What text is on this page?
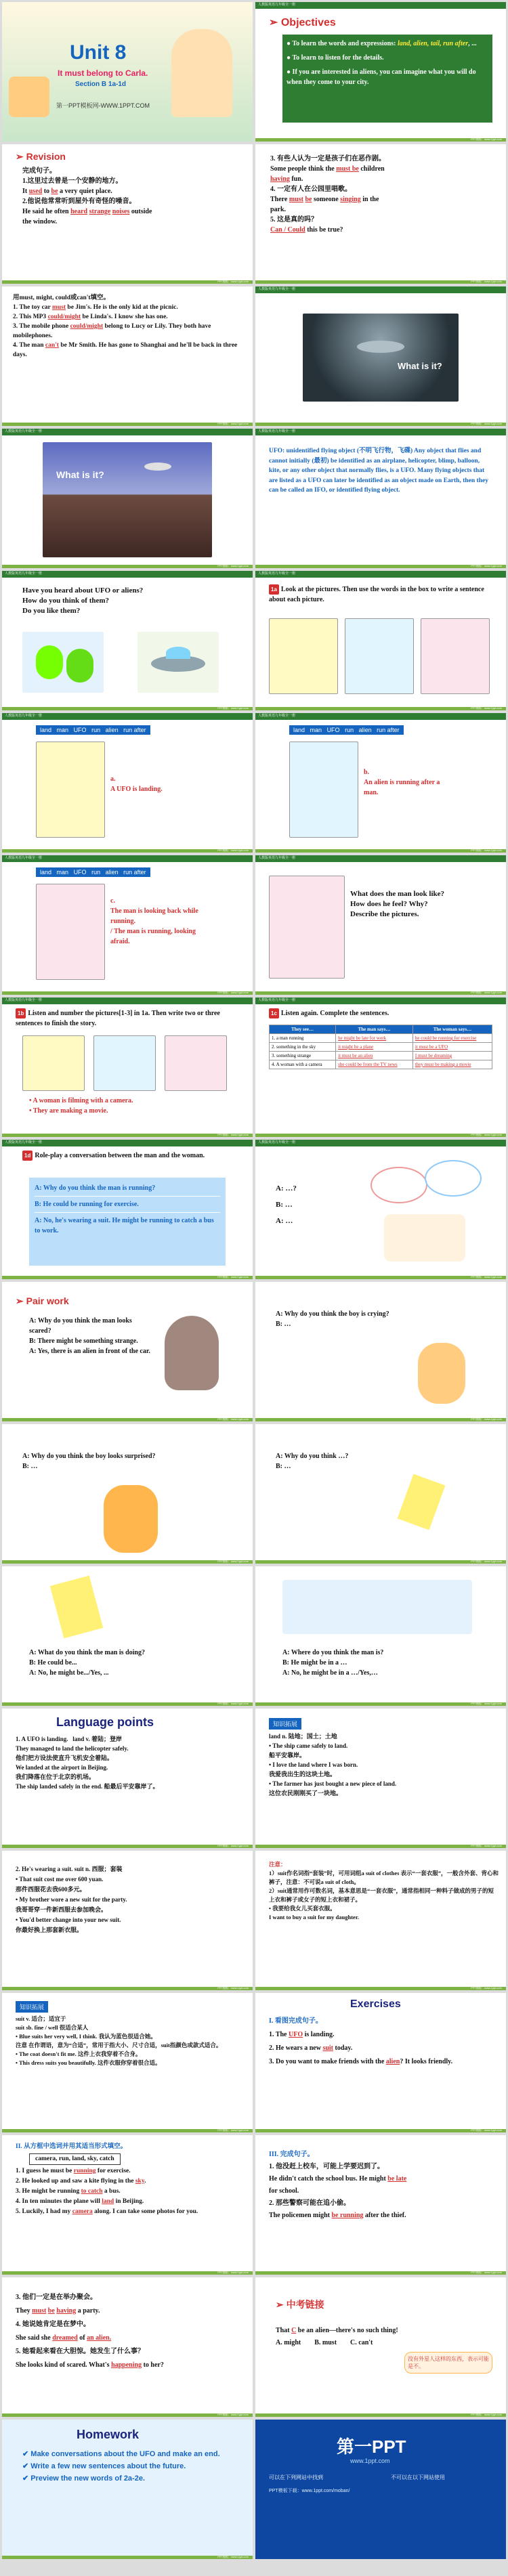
Unit 8
It must belong to Carla.
Section B 1a-1d
第一PPT模板网-WWW.1PPT.COM
人教版英语九年级全一册
➢ Objectives
● To learn the words and expressions: land, alien, tail, run after, ...
● To learn to listen for the details.
● If you are interested in aliens, you can imagine what you will do when they come to your city.
PPT模板：www.1ppt.com
➢ Revision
完成句子。
1.这里过去曾是一个安静的地方。
It used to be a very quiet place.
2.他说他常常听到屋外有奇怪的噪音。
He said he often heard strange noises outside
the window.
PPT模板：www.1ppt.com
3. 有些人认为一定是孩子们在恶作剧。
Some people think the must be children
having fun.
4. 一定有人在公园里唱歌。
There must be someone singing in the
park.
5. 这是真的吗？
Can / Could this be true?
PPT模板：www.1ppt.com
用must, might, could或can't填空。
1. The toy car must be Jim's. He is the only kid at the picnic.
2. This MP3 could/might be Linda's. I know she has one.
3. The mobile phone could/might belong to Lucy or Lily. They both have mobilephones.
4. The man can't be Mr Smith. He has gone to Shanghai and he'll be back in three days.
PPT模板：www.1ppt.com
人教版英语九年级全一册
What is it?
PPT模板：www.1ppt.com
人教版英语九年级全一册
What is it?
PPT模板：www.1ppt.com
人教版英语九年级全一册
UFO: unidentified flying object (不明飞行物，飞碟) Any object that flies and cannot initially (最初) be identified as an airplane, helicopter, blimp, balloon, kite, or any other object that normally flies, is a UFO. Many flying objects that are listed as a UFO can later be identified as an object made on Earth, then they can be called an IFO, or identified flying object.
PPT模板：www.1ppt.com
人教版英语九年级全一册
Have you heard about UFO or aliens?
How do you think of them?
Do you like them?
PPT模板：www.1ppt.com
人教版英语九年级全一册
1a Look at the pictures. Then use the words in the box to write a sentence about each picture.
PPT模板：www.1ppt.com
人教版英语九年级全一册
land man UFO run alien run after
a.
A UFO is landing.
PPT模板：www.1ppt.com
人教版英语九年级全一册
land man UFO run alien run after
b.
An alien is running after a man.
PPT模板：www.1ppt.com
人教版英语九年级全一册
land man UFO run alien run after
c.
The man is looking back while running.
/ The man is running, looking afraid.
PPT模板：www.1ppt.com
人教版英语九年级全一册
What does the man look like?
How does he feel? Why?
Describe the pictures.
PPT模板：www.1ppt.com
人教版英语九年级全一册
1b Listen and number the pictures[1-3] in 1a. Then write two or three sentences to finish the story.
• A woman is filming with a camera.
• They are making a movie.
PPT模板：www.1ppt.com
人教版英语九年级全一册
1c Listen again. Complete the sentences.
They see…	The man says…	The woman says…
1. a man running	he might be late for work	he could be running for exercise
2. something in the sky	it might be a plane	it must be a UFO
3. something strange	it must be an alien	I must be dreaming
4. A woman with a camera	she could be from the TV news	they must be making a movie
PPT模板：www.1ppt.com
人教版英语九年级全一册
1d Role-play a conversation between the man and the woman.
A: Why do you think the man is running?
B: He could be running for exercise.
A: No, he's wearing a suit. He might be running to catch a bus to work.
PPT模板：www.1ppt.com
人教版英语九年级全一册
A: …?
B: …
A: …
PPT模板：www.1ppt.com
➢ Pair work
A: Why do you think the man looks scared?
B: There might be something strange.
A: Yes, there is an alien in front of the car.
PPT模板：www.1ppt.com
A: Why do you think the boy is crying?
B: …
PPT模板：www.1ppt.com
A: Why do you think the boy looks surprised?
B: …
PPT模板：www.1ppt.com
A: Why do you think …?
B: …
PPT模板：www.1ppt.com
A: What do you think the man is doing?
B: He could be...
A: No, he might be.../Yes, ...
PPT模板：www.1ppt.com
A: Where do you think the man is?
B: He might be in a …
A: No, he might be in a …/Yes,…
PPT模板：www.1ppt.com
Language points
1. A UFO is landing. land v. 着陆；登岸
They managed to land the helicopter safely.
他们把方设法使直升飞机安全着陆。
We landed at the airport in Beijing.
我们降落在位于北京的机场。
The ship landed safely in the end. 船最后平安靠岸了。
PPT模板：www.1ppt.com
知识拓展
land n. 陆地；国土；土地
• The ship came safely to land.
船平安靠岸。
• I love the land where I was born.
我爱我出生的这块土地。
• The farmer has just bought a new piece of land.
这位农民刚刚买了一块地。
PPT模板：www.1ppt.com
2. He's wearing a suit. suit n. 西服；套装
• That suit cost me over 600 yuan.
那件西服花去我600多元。
• My brother wore a new suit for the party.
我哥哥穿一件新西服去参加晚会。
• You'd better change into your new suit.
你最好换上那套新衣服。
PPT模板：www.1ppt.com
注意：
1）suit作名词指“套装”时，可用词组a suit of clothes 表示“一套衣服”，一般含外套、背心和裤子，注意：不可说a suit of cloth。
2）suit通常用作可数名词，基本意思是“一套衣服”，通常指相同一种料子做成的男子的短上衣和裤子或女子的短上衣和裙子。
• 我要给我女儿买套衣服。
I want to buy a suit for my daughter.
PPT模板：www.1ppt.com
知识拓展
suit v. 适合；适宜于
suit sb. fine / well 很适合某人
• Blue suits her very well, I think. 我认为蓝色很适合她。
注意 在作谓语，意为“合适”，常用于指大小、尺寸合适，suit指颜色或款式适合。
• The coat doesn't fit me. 这件上衣我穿着不合身。
• This dress suits you beautifully. 这件衣服你穿着很合适。
PPT模板：www.1ppt.com
Exercises
I. 看图完成句子。
1. The UFO is landing.
2. He wears a new suit today.
3. Do you want to make friends with the alien? It looks friendly.
PPT模板：www.1ppt.com
II. 从方框中选词并用其适当形式填空。
camera, run, land, sky, catch
1. I guess he must be running for exercise.
2. He looked up and saw a kite flying in the sky.
3. He might be running to catch a bus.
4. In ten minutes the plane will land in Beijing.
5. Luckily, I had my camera along. I can take some photos for you.
PPT模板：www.1ppt.com
III. 完成句子。
1. 他没赶上校车，可能上学要迟到了。
He didn't catch the school bus. He might be late
for school.
2. 那些警察可能在追小偷。
The policemen might be running after the thief.
PPT模板：www.1ppt.com
3. 他们一定是在举办聚会。
They must be having a party.
4. 她说她肯定是在梦中。
She said she dreamed of an alien.
5. 她看起来看在大胆惊。她发生了什么事？
She looks kind of scared. What's happening to her?
PPT模板：www.1ppt.com
➢ 中考链接
That C be an alien—there's no such thing!
A. might B. must C. can't
没有外星人这样的东西，表示可能是不。
PPT模板：www.1ppt.com
Homework
✔ Make conversations about the UFO and make an end.
✔ Write a few new sentences about the future.
✔ Preview the new words of 2a-2e.
PPT模板：www.1ppt.com
第一PPT
www.1ppt.com
可以在下列网站中找到	不可以在以下网站使用
PPT模板下载：www.1ppt.com/moban/
